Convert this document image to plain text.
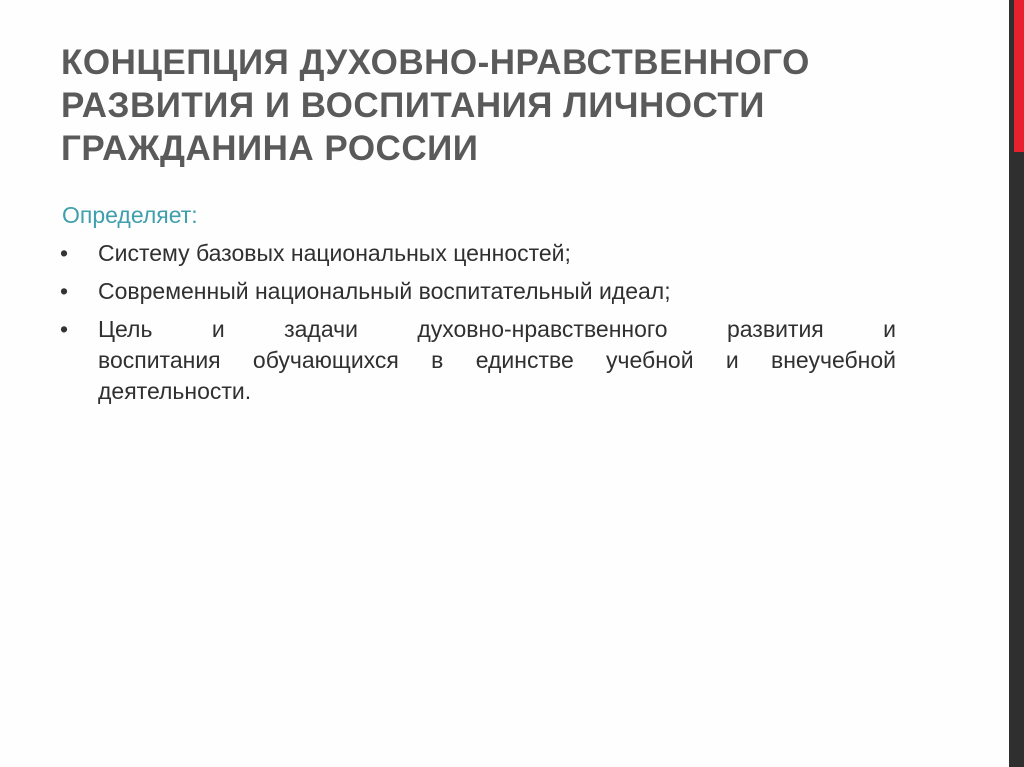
КОНЦЕПЦИЯ ДУХОВНО-НРАВСТВЕННОГО
РАЗВИТИЯ И ВОСПИТАНИЯ ЛИЧНОСТИ
ГРАЖДАНИНА РОССИИ

Определяет:

•	Систему базовых национальных ценностей;
•	Современный национальный воспитательный идеал;
•	Цель и задачи духовно-нравственного развития и
воспитания обучающихся в единстве учебной и внеучебной
деятельности.
